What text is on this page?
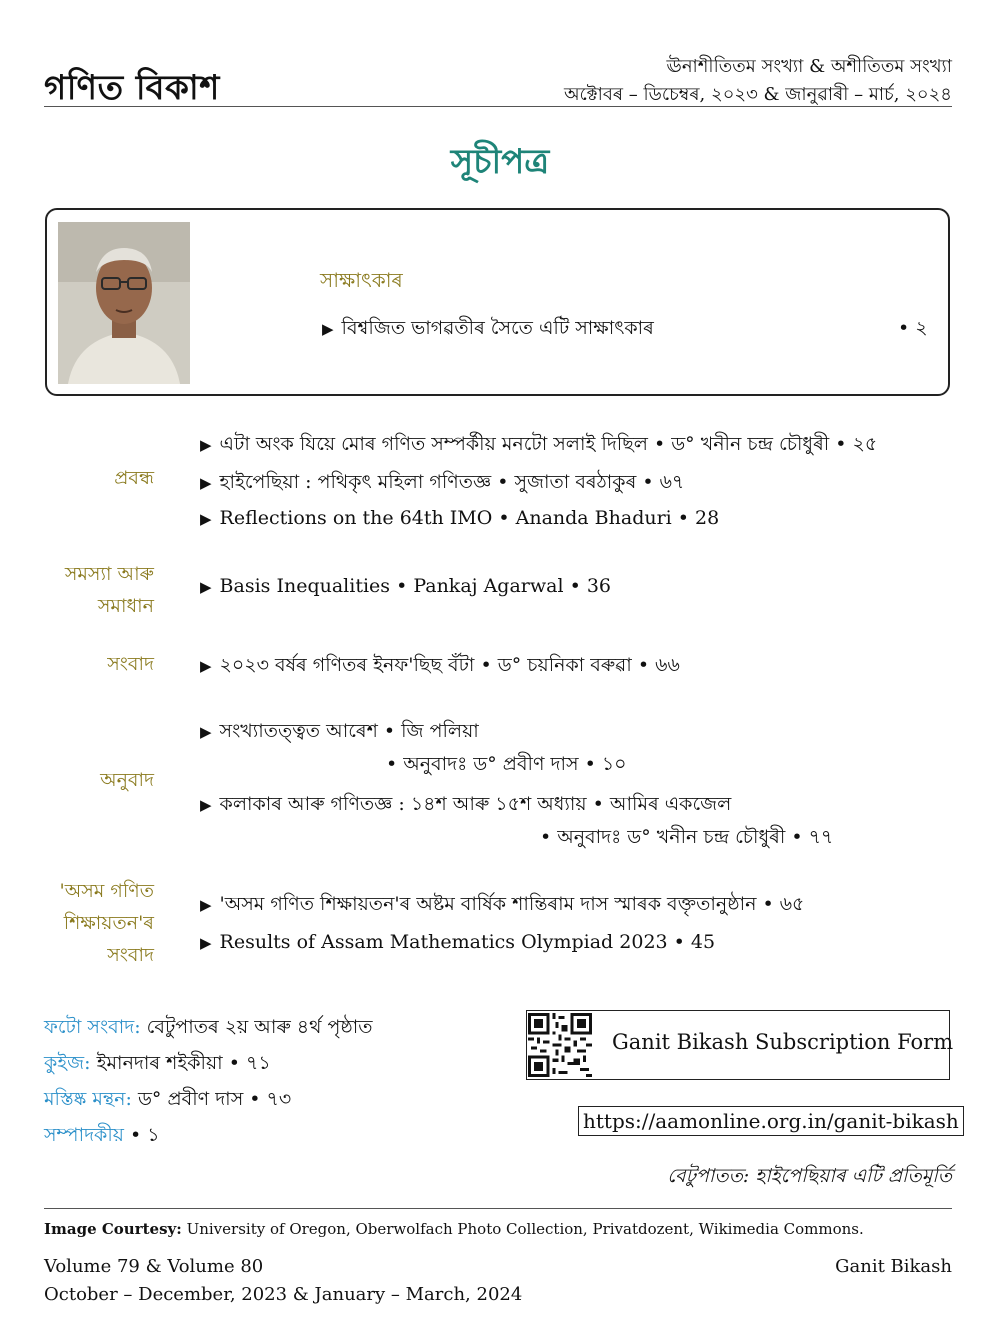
গণিত বিকাশ
ঊনাশীতিতম সংখ্যা & অশীতিতম সংখ্যা
অক্টোবৰ – ডিচেম্বৰ, ২০২৩ & জানুৱাৰী – মাৰ্চ, ২০২৪
সূচীপত্ৰ
সাক্ষাৎকাৰ
▶ বিশ্বজিত ভাগৱতীৰ সৈতে এটি সাক্ষাৎকাৰ	• ২
প্ৰবন্ধ
▶ এটা অংক যিয়ে মোৰ গণিত সম্পৰ্কীয় মনটো সলাই দিছিল • ড° খনীন চন্দ্ৰ চৌধুৰী • ২৫
▶ হাইপেছিয়া : পথিকৃৎ মহিলা গণিতজ্ঞ • সুজাতা বৰঠাকুৰ • ৬৭
▶ Reflections on the 64th IMO • Ananda Bhaduri • 28
সমস্যা আৰু
সমাধান
▶ Basis Inequalities • Pankaj Agarwal • 36
সংবাদ	▶ ২০২৩ বৰ্ষৰ গণিতৰ ইনফ'ছিছ বঁটা • ড° চয়নিকা বৰুৱা • ৬৬
অনুবাদ
▶ সংখ্যাতত্ত্বত আৰেশ • জি পলিয়া
• অনুবাদঃ ড° প্ৰবীণ দাস • ১০
▶ কলাকাৰ আৰু গণিতজ্ঞ : ১৪শ আৰু ১৫শ অধ্যায় • আমিৰ একজেল
• অনুবাদঃ ড° খনীন চন্দ্ৰ চৌধুৰী • ৭৭
'অসম গণিত
শিক্ষায়তন'ৰ
সংবাদ
▶ 'অসম গণিত শিক্ষায়তন'ৰ অষ্টম বাৰ্ষিক শান্তিৰাম দাস স্মাৰক বক্তৃতানুষ্ঠান • ৬৫
▶ Results of Assam Mathematics Olympiad 2023 • 45
ফটো সংবাদ: বেটুপাতৰ ২য় আৰু ৪ৰ্থ পৃষ্ঠাত
কুইজ: ইমানদাৰ শইকীয়া • ৭১
মস্তিষ্ক মন্থন: ড° প্ৰবীণ দাস • ৭৩
সম্পাদকীয় • ১
Ganit Bikash Subscription Form
https://aamonline.org.in/ganit-bikash
বেটুপাতত: হাইপেছিয়াৰ এটি প্ৰতিমূৰ্তি
Image Courtesy: University of Oregon, Oberwolfach Photo Collection, Privatdozent, Wikimedia Commons.
Volume 79 & Volume 80
October – December, 2023 & January – March, 2024
Ganit Bikash
